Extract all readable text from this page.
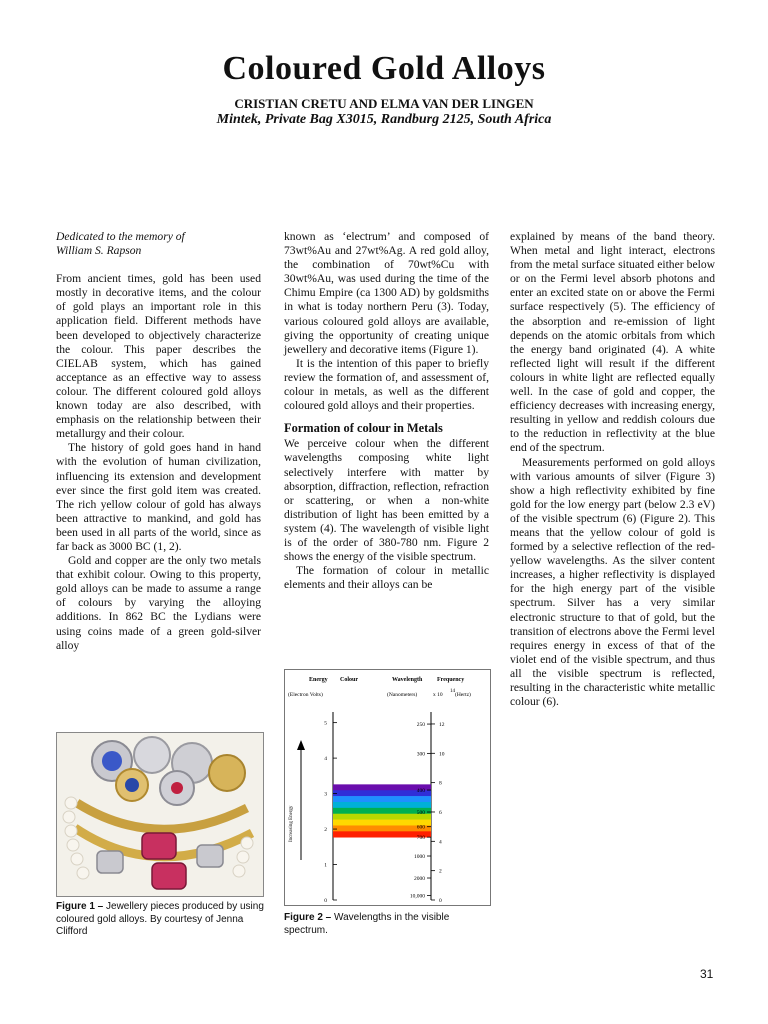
Coloured Gold Alloys
CRISTIAN CRETU AND ELMA VAN DER LINGEN
Mintek, Private Bag X3015, Randburg 2125, South Africa

Dedicated to the memory of William S. Rapson

From ancient times, gold has been used mostly in decorative items, and the colour of gold plays an important role in this application field. Different methods have been developed to objectively characterize the colour. This paper describes the CIELAB system, which has gained acceptance as an effective way to assess colour. The different coloured gold alloys known today are also described, with emphasis on the relationship between their metallurgy and their colour.

The history of gold goes hand in hand with the evolution of human civilization, influencing its extension and development ever since the first gold item was created. The rich yellow colour of gold has always been attractive to mankind, and gold has been used in all parts of the world, since as far back as 3000 BC (1, 2).

Gold and copper are the only two metals that exhibit colour. Owing to this property, gold alloys can be made to assume a range of colours by varying the alloying additions. In 862 BC the Lydians were using coins made of a green gold-silver alloy

known as ‘electrum’ and composed of 73wt%Au and 27wt%Ag. A red gold alloy, the combination of 70wt%Cu with 30wt%Au, was used during the time of the Chimu Empire (ca 1300 AD) by goldsmiths in what is today northern Peru (3). Today, various coloured gold alloys are available, giving the opportunity of creating unique jewellery and decorative items (Figure 1).

It is the intention of this paper to briefly review the formation of, and assessment of, colour in metals, as well as the different coloured gold alloys and their properties.

Formation of colour in Metals

We perceive colour when the different wavelengths composing white light selectively interfere with matter by absorption, diffraction, reflection, refraction or scattering, or when a non-white distribution of light has been emitted by a system (4). The wavelength of visible light is of the order of 380-780 nm. Figure 2 shows the energy of the visible spectrum.

The formation of colour in metallic elements and their alloys can be

explained by means of the band theory. When metal and light interact, electrons from the metal surface situated either below or on the Fermi level absorb photons and enter an excited state on or above the Fermi surface respectively (5). The efficiency of the absorption and re-emission of light depends on the atomic orbitals from which the energy band originated (4). A white reflected light will result if the different colours in white light are reflected equally well. In the case of gold and copper, the efficiency decreases with increasing energy, resulting in yellow and reddish colours due to the reduction in reflectivity at the blue end of the spectrum.

Measurements performed on gold alloys with various amounts of silver (Figure 3) show a high reflectivity exhibited by fine gold for the low energy part (below 2.3 eV) of the visible spectrum (6) (Figure 2). This means that the yellow colour of gold is formed by a selective reflection of the red-yellow wavelengths. As the silver content increases, a higher reflectivity is displayed for the high energy part of the visible spectrum. Silver has a very similar electronic structure to that of gold, but the transition of electrons above the Fermi level requires energy in excess of that of the violet end of the visible spectrum, and thus all the visible spectrum is reflected, resulting in the characteristic white metallic colour (6).

Figure 1 – Jewellery pieces produced by using coloured gold alloys. By courtesy of Jenna Clifford
Energy Colour	Wavelength Frequency
(Electron Volts)	(Nanometers)	x 10
14
(Hertz)
Increasing Energy
5
4
3
2
1
0
250
300
400
500
600
700
1000
2000
10,000
12
10
8
6
4
2
0
Figure 2 – Wavelengths in the visible spectrum.
31
